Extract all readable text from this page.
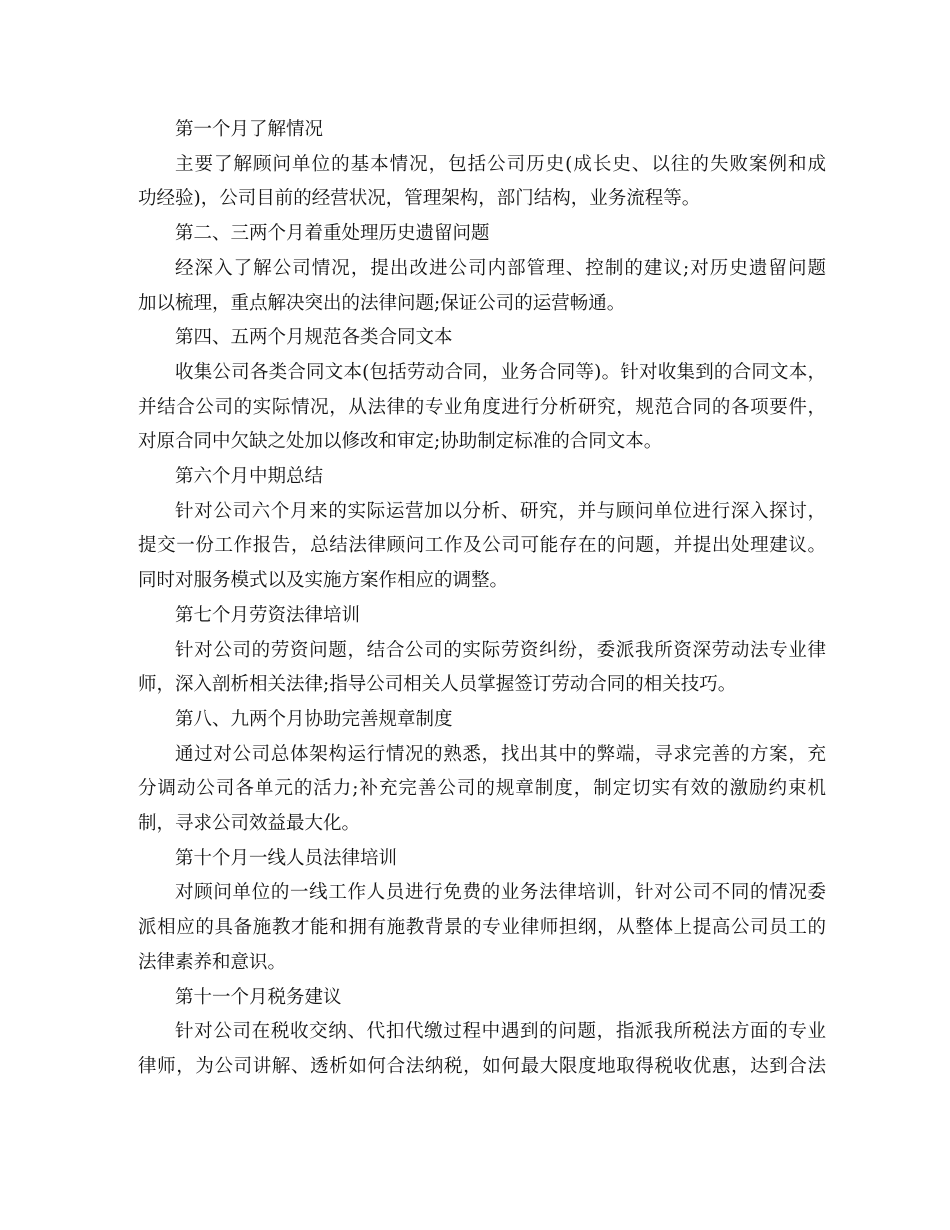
第一个月了解情况

主要了解顾问单位的基本情况，包括公司历史(成长史、以往的失败案例和成
功经验)，公司目前的经营状况，管理架构，部门结构，业务流程等。

第二、三两个月着重处理历史遗留问题

经深入了解公司情况，提出改进公司内部管理、控制的建议;对历史遗留问题
加以梳理，重点解决突出的法律问题;保证公司的运营畅通。

第四、五两个月规范各类合同文本

收集公司各类合同文本(包括劳动合同，业务合同等)。针对收集到的合同文本，
并结合公司的实际情况，从法律的专业角度进行分析研究，规范合同的各项要件，
对原合同中欠缺之处加以修改和审定;协助制定标准的合同文本。

第六个月中期总结

针对公司六个月来的实际运营加以分析、研究，并与顾问单位进行深入探讨，
提交一份工作报告，总结法律顾问工作及公司可能存在的问题，并提出处理建议。
同时对服务模式以及实施方案作相应的调整。

第七个月劳资法律培训

针对公司的劳资问题，结合公司的实际劳资纠纷，委派我所资深劳动法专业律
师，深入剖析相关法律;指导公司相关人员掌握签订劳动合同的相关技巧。

第八、九两个月协助完善规章制度

通过对公司总体架构运行情况的熟悉，找出其中的弊端，寻求完善的方案，充
分调动公司各单元的活力;补充完善公司的规章制度，制定切实有效的激励约束机
制，寻求公司效益最大化。

第十个月一线人员法律培训

对顾问单位的一线工作人员进行免费的业务法律培训，针对公司不同的情况委
派相应的具备施教才能和拥有施教背景的专业律师担纲，从整体上提高公司员工的
法律素养和意识。

第十一个月税务建议

针对公司在税收交纳、代扣代缴过程中遇到的问题，指派我所税法方面的专业
律师，为公司讲解、透析如何合法纳税，如何最大限度地取得税收优惠，达到合法
